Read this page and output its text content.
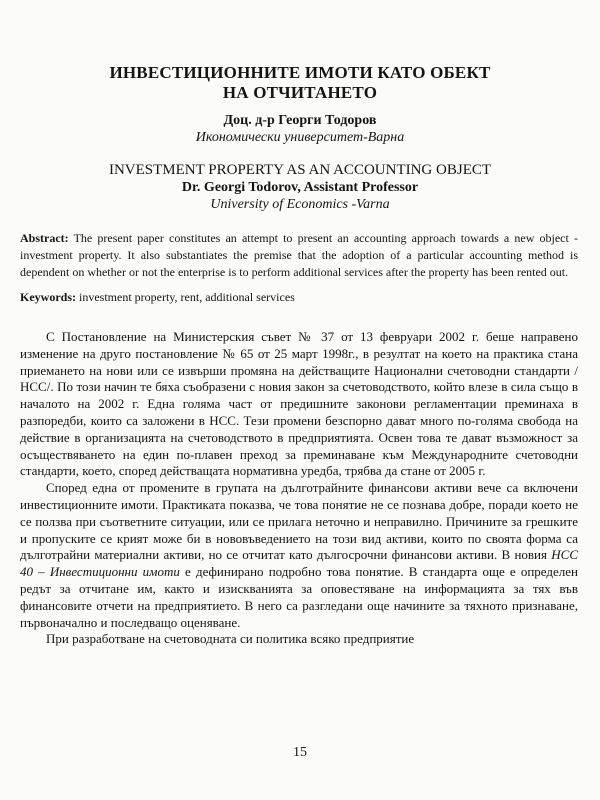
ИНВЕСТИЦИОННИТЕ ИМОТИ КАТО ОБЕКТ
НА ОТЧИТАНЕТО
Доц. д-р Георги Тодоров
Икономически университет-Варна
INVESTMENT PROPERTY AS AN ACCOUNTING OBJECT
Dr. Georgi Todorov, Assistant Professor
University of Economics -Varna
Abstract: The present paper constitutes an attempt to present an accounting approach towards a new object - investment property. It also substantiates the premise that the adoption of a particular accounting method is dependent on whether or not the enterprise is to perform additional services after the property has been rented out.
Keywords: investment property, rent, additional services

С Постановление на Министерския съвет № 37 от 13 февруари 2002 г. беше направено изменение на друго постановление № 65 от 25 март 1998г., в резултат на което на практика стана приемането на нови или се извърши промяна на действащите Национални счетоводни стандарти /НСС/. По този начин те бяха съобразени с новия закон за счетоводството, който влезе в сила също в началото на 2002 г. Една голяма част от предишните законови регламентации преминаха в разпоредби, които са заложени в НСС. Тези промени безспорно дават много по-голяма свобода на действие в организацията на счетоводството в предприятията. Освен това те дават възможност за осъществяването на един по-плавен преход за преминаване към Международните счетоводни стандарти, което, според действащата нормативна уредба, трябва да стане от 2005 г.

Според една от промените в групата на дълготрайните финансови активи вече са включени инвестиционните имоти. Практиката показва, че това понятие не се познава добре, поради което не се ползва при съответните ситуации, или се прилага неточно и неправилно. Причините за грешките и пропуските се крият може би в нововъведението на този вид активи, които по своята форма са дълготрайни материални активи, но се отчитат като дългосрочни финансови активи. В новия НСС 40 – Инвестиционни имоти е дефинирано подробно това понятие. В стандарта още е определен редът за отчитане им, както и изискванията за оповестяване на информацията за тях във финансовите отчети на предприятието. В него са разгледани още начините за тяхното признаване, първоначално и последващо оценяване.

При разработване на счетоводната си политика всяко предприятие

15
